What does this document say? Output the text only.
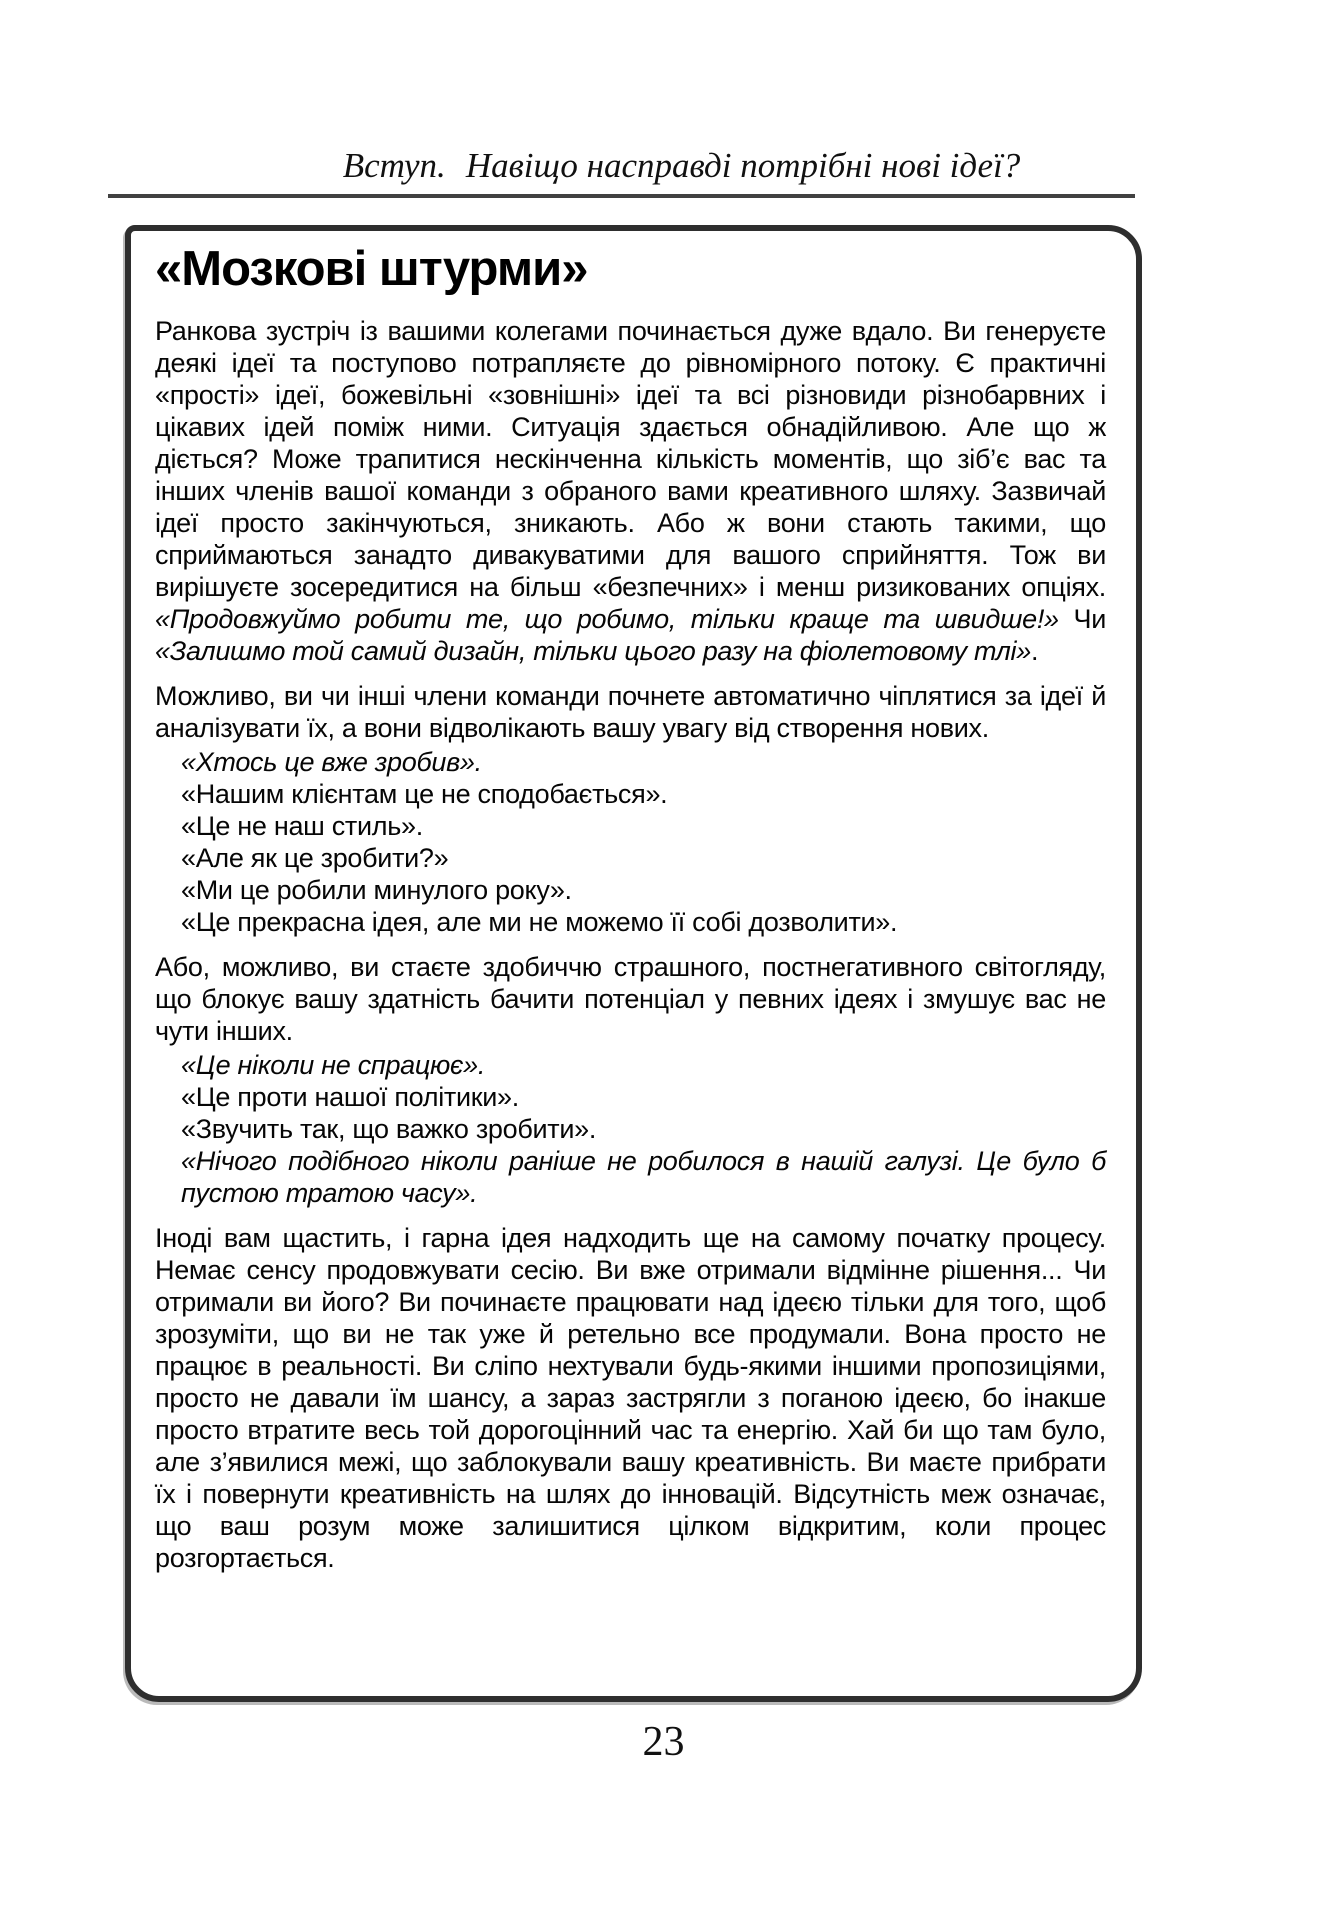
Вступ. Навіщо насправді потрібні нові ідеї?
«Мозкові штурми»

Ранкова зустріч із вашими колегами починається дуже вдало. Ви генеруєте деякі ідеї та поступово потрапляєте до рівномірного потоку. Є практичні «прості» ідеї, божевільні «зовнішні» ідеї та всі різновиди різнобарвних і цікавих ідей поміж ними. Ситуація здається обнадійливою. Але що ж діється? Може трапитися нескінченна кількість моментів, що зіб’є вас та інших членів вашої команди з обраного вами креативного шляху. Зазвичай ідеї просто закінчуються, зникають. Або ж вони стають такими, що сприймаються занадто дивакуватими для вашого сприйняття. Тож ви вирішуєте зосередитися на більш «безпечних» і менш ризикованих опціях. «Продовжуймо робити те, що робимо, тільки краще та швидше!» Чи «Залишмо той самий дизайн, тільки цього разу на фіолетовому тлі».

Можливо, ви чи інші члени команди почнете автоматично чіплятися за ідеї й аналізувати їх, а вони відволікають вашу увагу від створення нових.

«Хтось це вже зробив».
«Нашим клієнтам це не сподобається».
«Це не наш стиль».
«Але як це зробити?»
«Ми це робили минулого року».
«Це прекрасна ідея, але ми не можемо її собі дозволити».

Або, можливо, ви стаєте здобиччю страшного, постнегативного світогляду, що блокує вашу здатність бачити потенціал у певних ідеях і змушує вас не чути інших.

«Це ніколи не спрацює».
«Це проти нашої політики».
«Звучить так, що важко зробити».
«Нічого подібного ніколи раніше не робилося в нашій галузі. Це було б пустою тратою часу».

Іноді вам щастить, і гарна ідея надходить ще на самому початку процесу. Немає сенсу продовжувати сесію. Ви вже отримали відмінне рішення... Чи отримали ви його? Ви починаєте працювати над ідеєю тільки для того, щоб зрозуміти, що ви не так уже й ретельно все продумали. Вона просто не працює в реальності. Ви сліпо нехтували будь-якими іншими пропозиціями, просто не давали їм шансу, а зараз застрягли з поганою ідеєю, бо інакше просто втратите весь той дорогоцінний час та енергію. Хай би що там було, але з’явилися межі, що заблокували вашу креативність. Ви маєте прибрати їх і повернути креативність на шлях до інновацій. Відсутність меж означає, що ваш розум може залишитися цілком відкритим, коли процес розгортається.

23
